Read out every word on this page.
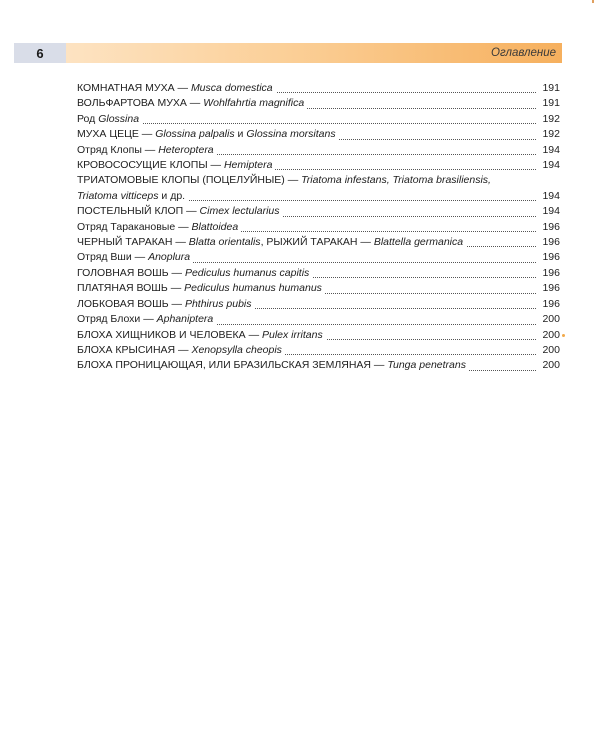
6	Оглавление
КОМНАТНАЯ МУХА — Musca domestica	191
ВОЛЬФАРТОВА МУХА — Wohlfahrtia magnifica	191
Род Glossina	192
МУХА ЦЕЦЕ — Glossina palpalis и Glossina morsitans	192
Отряд Клопы — Heteroptera	194
КРОВОСОСУЩИЕ КЛОПЫ — Hemiptera	194
ТРИАТОМОВЫЕ КЛОПЫ (ПОЦЕЛУЙНЫЕ) — Triatoma infestans, Triatoma brasiliensis, Triatoma vitticeps и др.	194
ПОСТЕЛЬНЫЙ КЛОП — Cimex lectularius	194
Отряд Тараканoвые — Blattoidea	196
ЧЕРНЫЙ ТАРАКАН — Blatta orientalis, РЫЖИЙ ТАРАКАН — Blattella germanica	196
Отряд Вши — Anoplura	196
ГОЛОВНАЯ ВОШЬ — Pediculus humanus capitis	196
ПЛАТЯНАЯ ВОШЬ — Pediculus humanus humanus	196
ЛОБКОВАЯ ВОШЬ — Phthirus pubis	196
Отряд Блохи — Aphaniptera	200
БЛОХА ХИЩНИКОВ И ЧЕЛОВЕКА — Pulex irritans	200
БЛОХА КРЫСИНАЯ — Xenopsylla cheopis	200
БЛОХА ПРОНИЦАЮЩАЯ, ИЛИ БРАЗИЛЬСКАЯ ЗЕМЛЯНАЯ — Tunga penetrans	200
